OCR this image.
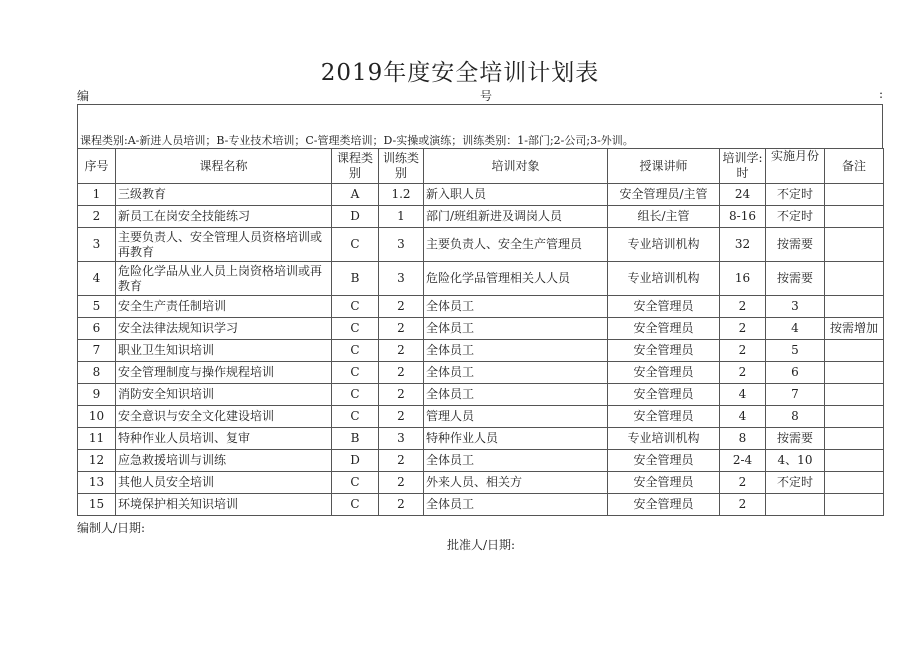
2019年度安全培训计划表
编	号	:
课程类别:A-新进人员培训；B-专业技术培训；C-管理类培训；D-实操或演练；训练类别：1-部门;2-公司;3-外训。
序号	课程名称	课程类别	训练类别	培训对象	授课讲师	培训学:时	实施月份	备注
1	三级教育	A	1.2	新入职人员	安全管理员/主管	24	不定时	
2	新员工在岗安全技能练习	D	1	部门/班组新进及调岗人员	组长/主管	8-16	不定时	
3	主要负责人、安全管理人员资格培训或再教育	C	3	主要负责人、安全生产管理员	专业培训机构	32	按需要	
4	危险化学品从业人员上岗资格培训或再教育	B	3	危险化学品管理相关人人员	专业培训机构	16	按需要	
5	安全生产责任制培训	C	2	全体员工	安全管理员	2	3	
6	安全法律法规知识学习	C	2	全体员工	安全管理员	2	4	按需增加
7	职业卫生知识培训	C	2	全体员工	安全管理员	2	5	
8	安全管理制度与操作规程培训	C	2	全体员工	安全管理员	2	6	
9	消防安全知识培训	C	2	全体员工	安全管理员	4	7	
10	安全意识与安全文化建设培训	C	2	管理人员	安全管理员	4	8	
11	特种作业人员培训、复审	B	3	特种作业人员	专业培训机构	8	按需要	
12	应急救援培训与训练	D	2	全体员工	安全管理员	2-4	4、10	
13	其他人员安全培训	C	2	外来人员、相关方	安全管理员	2	不定时	
15	环境保护相关知识培训	C	2	全体员工	安全管理员	2		
编制人/日期:
批准人/日期:
